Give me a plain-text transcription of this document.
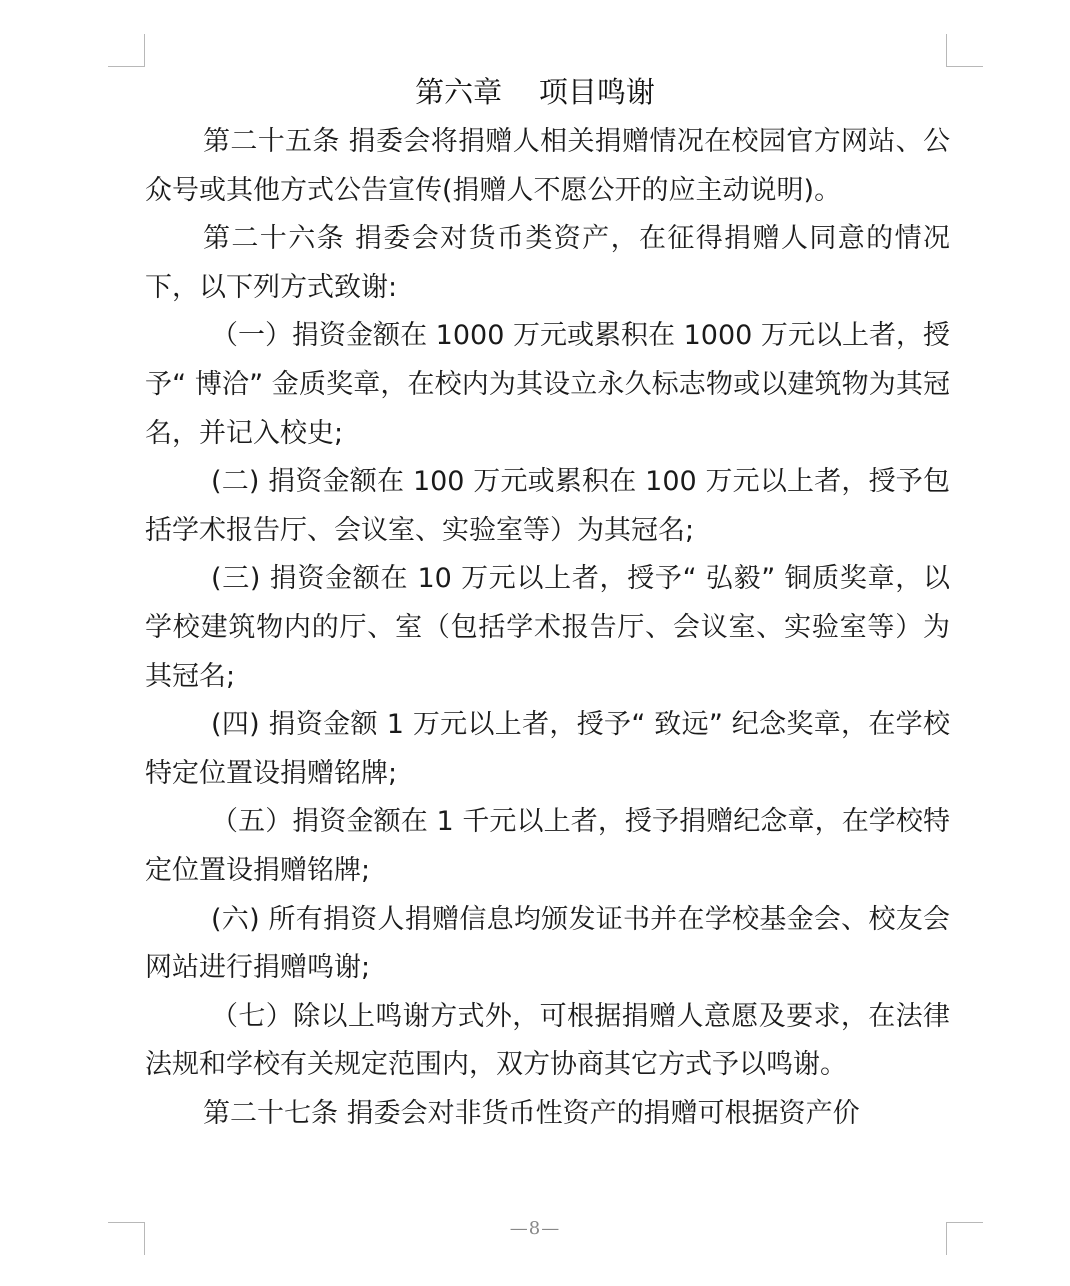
第六章    项目鸣谢

第二十五条 捐委会将捐赠人相关捐赠情况在校园官方网站、公众号或其他方式公告宣传(捐赠人不愿公开的应主动说明)。

第二十六条 捐委会对货币类资产，在征得捐赠人同意的情况下，以下列方式致谢:

（一）捐资金额在 1000 万元或累积在 1000 万元以上者，授予“ 博洽” 金质奖章，在校内为其设立永久标志物或以建筑物为其冠名，并记入校史;

(二) 捐资金额在 100 万元或累积在 100 万元以上者，授予包括学术报告厅、会议室、实验室等）为其冠名;

(三) 捐资金额在 10 万元以上者，授予“ 弘毅” 铜质奖章，以学校建筑物内的厅、室（包括学术报告厅、会议室、实验室等）为其冠名;

(四) 捐资金额 1 万元以上者，授予“ 致远” 纪念奖章，在学校特定位置设捐赠铭牌;

（五）捐资金额在 1 千元以上者，授予捐赠纪念章，在学校特定位置设捐赠铭牌;

(六) 所有捐资人捐赠信息均颁发证书并在学校基金会、校友会网站进行捐赠鸣谢;

（七）除以上鸣谢方式外，可根据捐赠人意愿及要求，在法律法规和学校有关规定范围内，双方协商其它方式予以鸣谢。

第二十七条 捐委会对非货币性资产的捐赠可根据资产价

—8—
